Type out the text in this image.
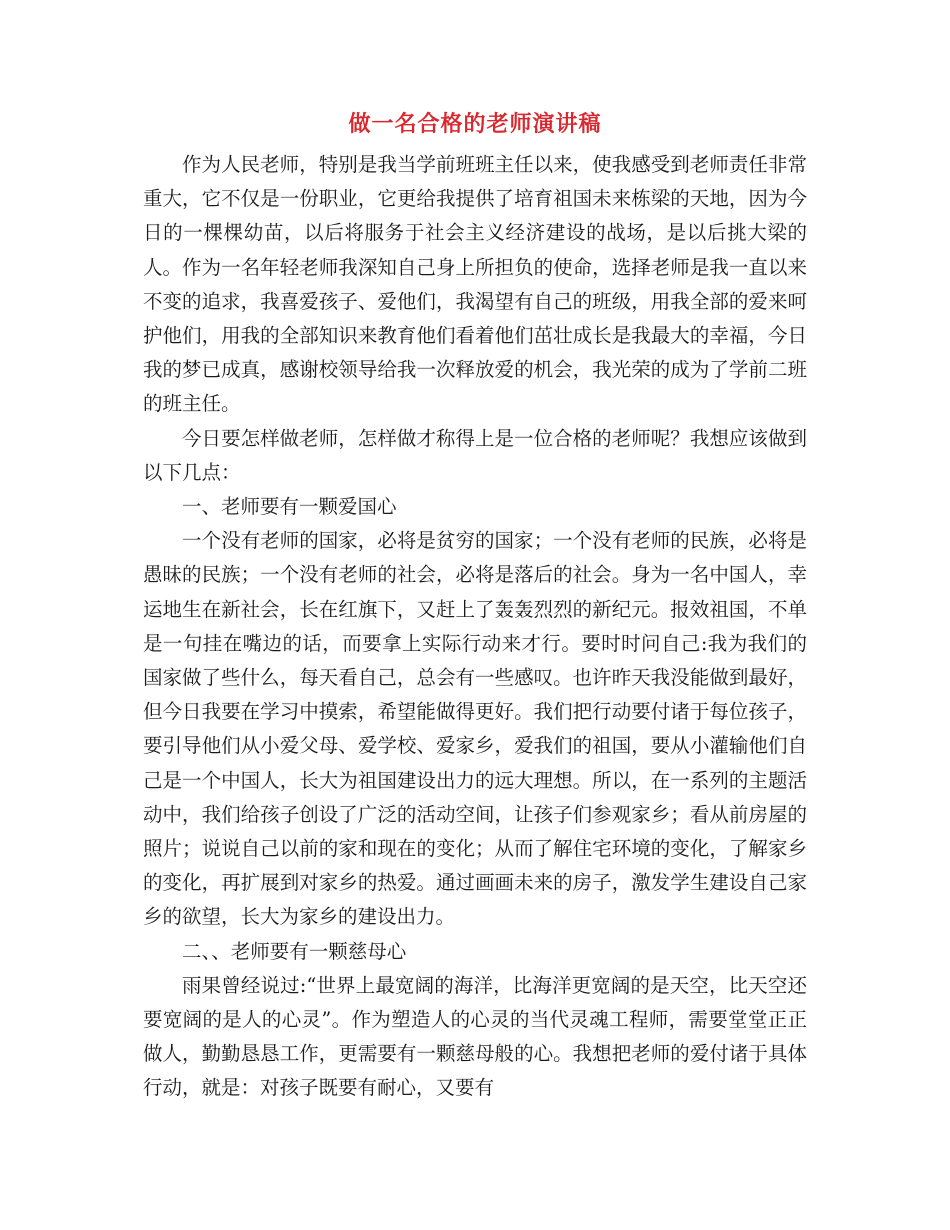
做一名合格的老师演讲稿

作为人民老师，特别是我当学前班班主任以来，使我感受到老师责任非常重大，它不仅是一份职业，它更给我提供了培育祖国未来栋梁的天地，因为今日的一棵棵幼苗，以后将服务于社会主义经济建设的战场，是以后挑大梁的人。作为一名年轻老师我深知自己身上所担负的使命，选择老师是我一直以来不变的追求，我喜爱孩子、爱他们，我渴望有自己的班级，用我全部的爱来呵护他们，用我的全部知识来教育他们看着他们茁壮成长是我最大的幸福，今日我的梦已成真，感谢校领导给我一次释放爱的机会，我光荣的成为了学前二班的班主任。

今日要怎样做老师，怎样做才称得上是一位合格的老师呢？我想应该做到以下几点：

一、老师要有一颗爱国心

一个没有老师的国家，必将是贫穷的国家；一个没有老师的民族，必将是愚昧的民族；一个没有老师的社会，必将是落后的社会。身为一名中国人，幸运地生在新社会，长在红旗下，又赶上了轰轰烈烈的新纪元。报效祖国，不单是一句挂在嘴边的话，而要拿上实际行动来才行。要时时问自己:我为我们的国家做了些什么，每天看自己，总会有一些感叹。也许昨天我没能做到最好，但今日我要在学习中摸索，希望能做得更好。我们把行动要付诸于每位孩子，要引导他们从小爱父母、爱学校、爱家乡，爱我们的祖国，要从小灌输他们自己是一个中国人，长大为祖国建设出力的远大理想。所以，在一系列的主题活动中，我们给孩子创设了广泛的活动空间，让孩子们参观家乡；看从前房屋的照片；说说自己以前的家和现在的变化；从而了解住宅环境的变化，了解家乡的变化，再扩展到对家乡的热爱。通过画画未来的房子，激发学生建设自己家乡的欲望，长大为家乡的建设出力。

二、、老师要有一颗慈母心

雨果曾经说过:“世界上最宽阔的海洋，比海洋更宽阔的是天空，比天空还要宽阔的是人的心灵”。作为塑造人的心灵的当代灵魂工程师，需要堂堂正正做人，勤勤恳恳工作，更需要有一颗慈母般的心。我想把老师的爱付诸于具体行动，就是：对孩子既要有耐心，又要有
